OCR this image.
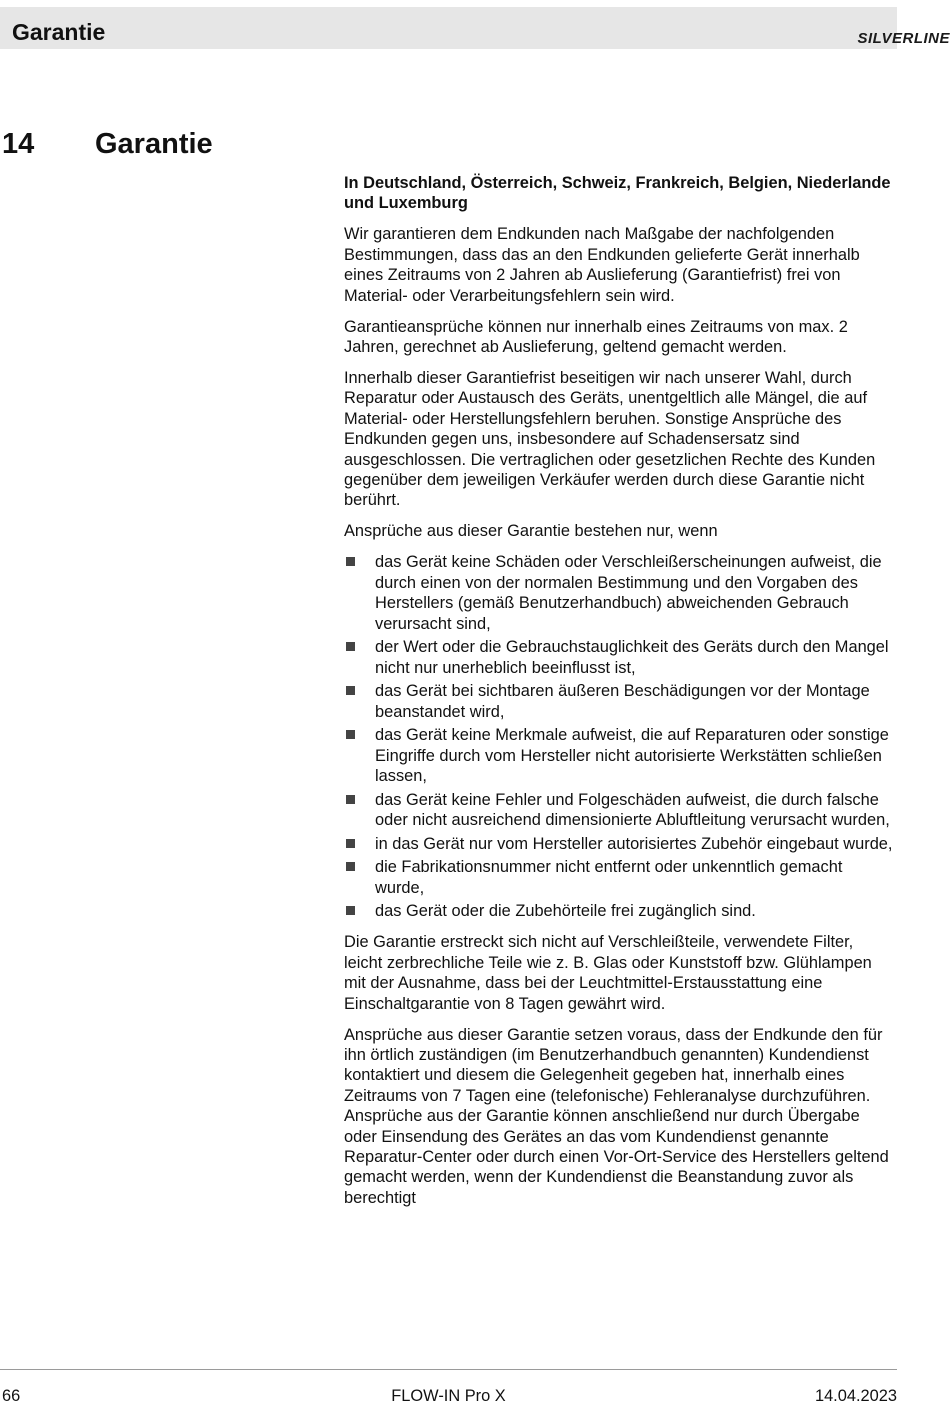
Garantie	SILVERLINE
14 Garantie

In Deutschland, Österreich, Schweiz, Frankreich, Belgien, Niederlande und Luxemburg

Wir garantieren dem Endkunden nach Maßgabe der nachfolgenden Bestimmungen, dass das an den Endkunden gelieferte Gerät innerhalb eines Zeitraums von 2 Jahren ab Auslieferung (Garantiefrist) frei von Material- oder Verarbeitungsfehlern sein wird.

Garantieansprüche können nur innerhalb eines Zeitraums von max. 2 Jahren, gerechnet ab Auslieferung, geltend gemacht werden.

Innerhalb dieser Garantiefrist beseitigen wir nach unserer Wahl, durch Reparatur oder Austausch des Geräts, unentgeltlich alle Mängel, die auf Material- oder Herstellungsfehlern beruhen. Sonstige Ansprüche des Endkunden gegen uns, insbesondere auf Schadensersatz sind ausgeschlossen. Die vertraglichen oder gesetzlichen Rechte des Kunden gegenüber dem jeweiligen Verkäufer werden durch diese Garantie nicht berührt.

Ansprüche aus dieser Garantie bestehen nur, wenn

das Gerät keine Schäden oder Verschleißerscheinungen aufweist, die durch einen von der normalen Bestimmung und den Vorgaben des Herstellers (gemäß Benutzerhandbuch) abweichenden Gebrauch verursacht sind,
der Wert oder die Gebrauchstauglichkeit des Geräts durch den Mangel nicht nur unerheblich beeinflusst ist,
das Gerät bei sichtbaren äußeren Beschädigungen vor der Montage beanstandet wird,
das Gerät keine Merkmale aufweist, die auf Reparaturen oder sonstige Eingriffe durch vom Hersteller nicht autorisierte Werkstätten schließen lassen,
das Gerät keine Fehler und Folgeschäden aufweist, die durch falsche oder nicht ausreichend dimensionierte Abluftleitung verursacht wurden,
in das Gerät nur vom Hersteller autorisiertes Zubehör eingebaut wurde,
die Fabrikationsnummer nicht entfernt oder unkenntlich gemacht wurde,
das Gerät oder die Zubehörteile frei zugänglich sind.

Die Garantie erstreckt sich nicht auf Verschleißteile, verwendete Filter, leicht zerbrechliche Teile wie z. B. Glas oder Kunststoff bzw. Glühlampen mit der Ausnahme, dass bei der Leuchtmittel-Erstausstattung eine Einschaltgarantie von 8 Tagen gewährt wird.

Ansprüche aus dieser Garantie setzen voraus, dass der Endkunde den für ihn örtlich zuständigen (im Benutzerhandbuch genannten) Kundendienst kontaktiert und diesem die Gelegenheit gegeben hat, innerhalb eines Zeitraums von 7 Tagen eine (telefonische) Fehleranalyse durchzuführen. Ansprüche aus der Garantie können anschließend nur durch Übergabe oder Einsendung des Gerätes an das vom Kundendienst genannte Reparatur-Center oder durch einen Vor-Ort-Service des Herstellers geltend gemacht werden, wenn der Kundendienst die Beanstandung zuvor als berechtigt

66	FLOW-IN Pro X	14.04.2023
